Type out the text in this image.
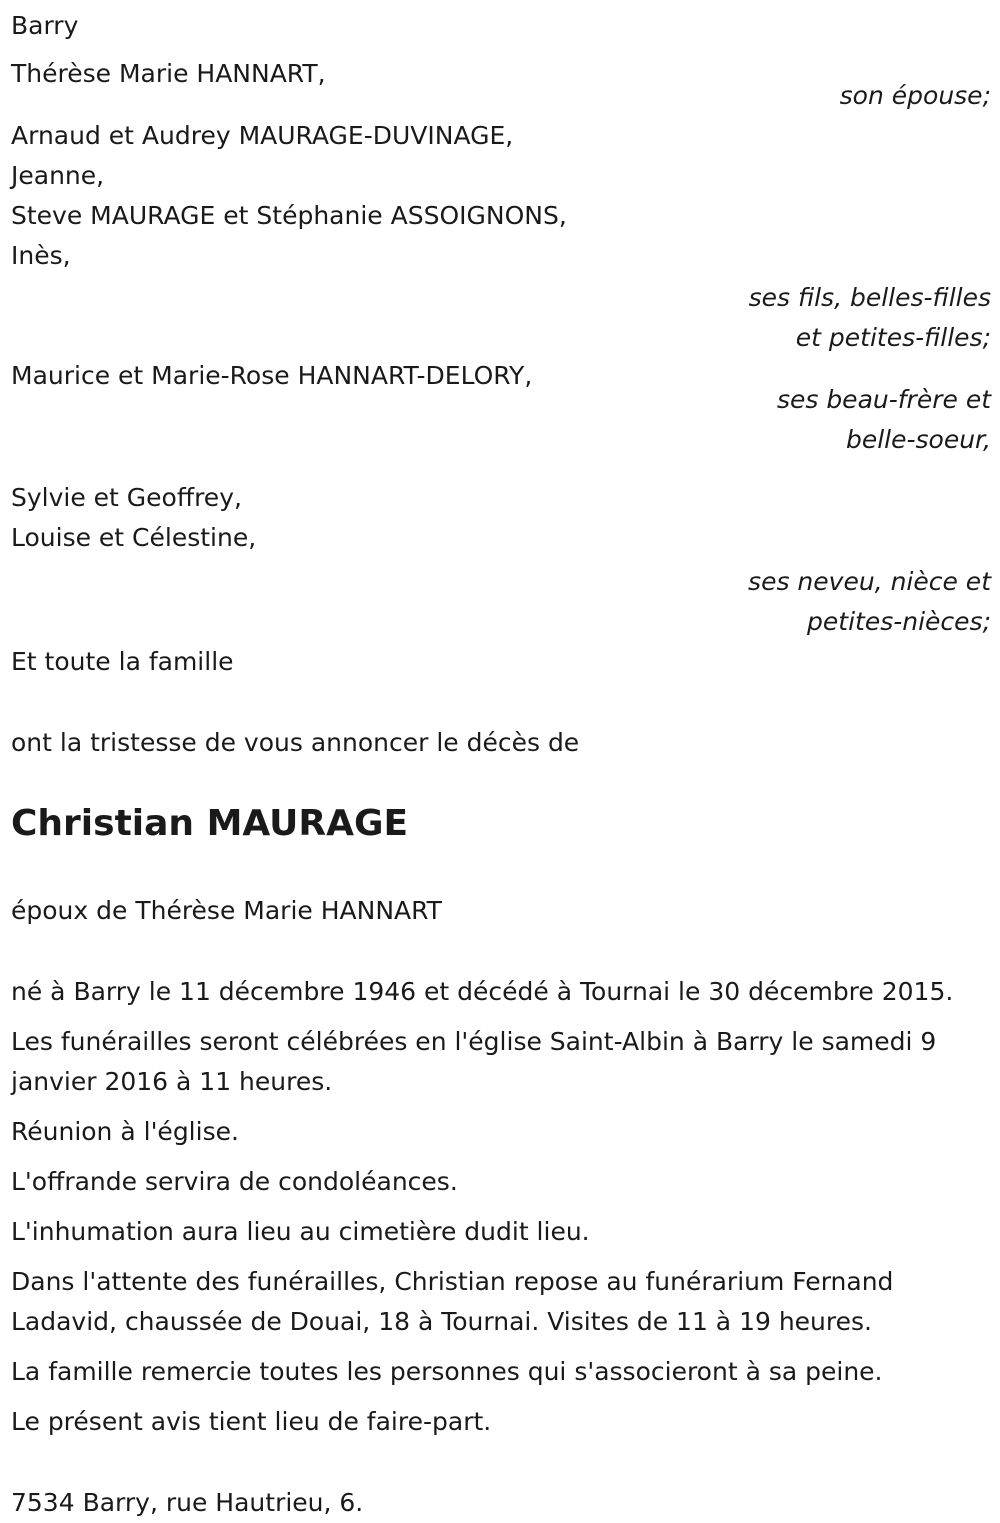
Barry
Thérèse Marie HANNART,
son épouse;
Arnaud et Audrey MAURAGE-DUVINAGE,
Jeanne,
Steve MAURAGE et Stéphanie ASSOIGNONS,
Inès,
ses fils, belles-filles
et petites-filles;
Maurice et Marie-Rose HANNART-DELORY,
ses beau-frère et
belle-soeur,
Sylvie et Geoffrey,
Louise et Célestine,
ses neveu, nièce et
petites-nièces;
Et toute la famille
ont la tristesse de vous annoncer le décès de
Christian MAURAGE
époux de Thérèse Marie HANNART
né à Barry le 11 décembre 1946 et décédé à Tournai le 30 décembre 2015.
Les funérailles seront célébrées en l'église Saint-Albin à Barry le samedi 9 janvier 2016 à 11 heures.
Réunion à l'église.
L'offrande servira de condoléances.
L'inhumation aura lieu au cimetière dudit lieu.
Dans l'attente des funérailles, Christian repose au funérarium Fernand Ladavid, chaussée de Douai, 18 à Tournai. Visites de 11 à 19 heures.
La famille remercie toutes les personnes qui s'associeront à sa peine.
Le présent avis tient lieu de faire-part.
7534 Barry, rue Hautrieu, 6.
